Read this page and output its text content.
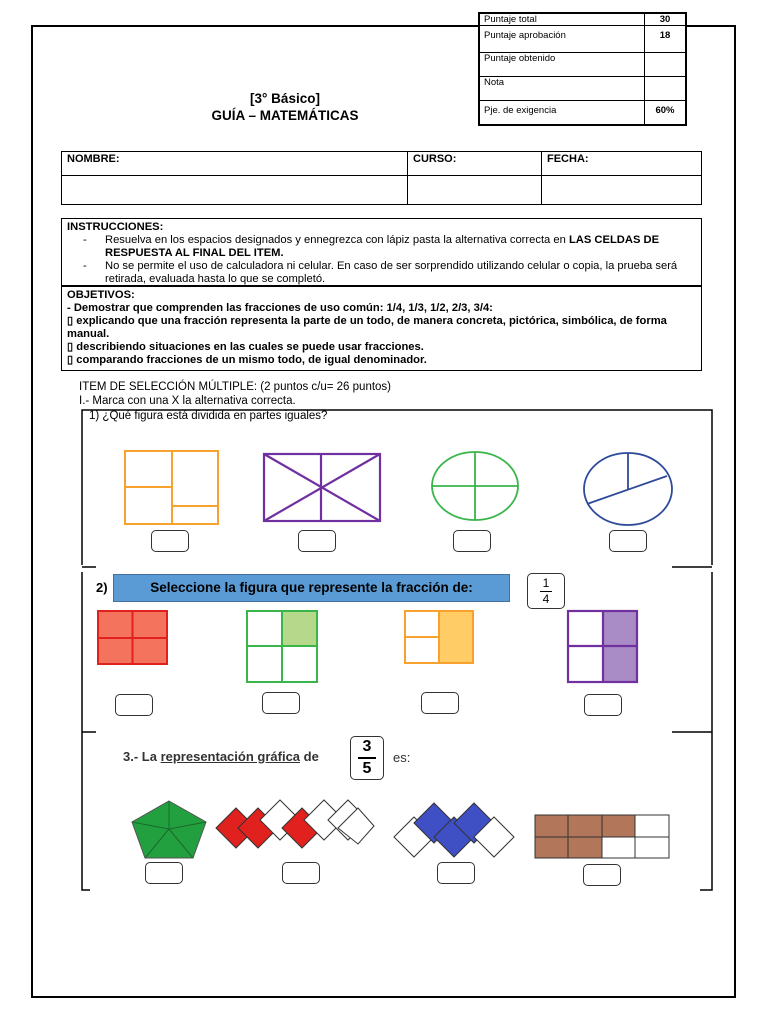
Puntaje total	30
Puntaje aprobación	18
Puntaje obtenido	
Nota	
Pje. de exigencia	60%
[3° Básico]
GUÍA – MATEMÁTICAS
NOMBRE:	CURSO:	FECHA:

INSTRUCCIONES:
- Resuelva en los espacios designados y ennegrezca con lápiz pasta la alternativa correcta en LAS CELDAS DE RESPUESTA AL FINAL DEL ITEM.
- No se permite el uso de calculadora ni celular. En caso de ser sorprendido utilizando celular o copia, la prueba será retirada, evaluada hasta lo que se completó.

OBJETIVOS:

- Demostrar que comprenden las fracciones de uso común: 1/4, 1/3, 1/2, 2/3, 3/4:

▯ explicando que una fracción representa la parte de un todo, de manera concreta, pictórica, simbólica, de forma manual.

▯ describiendo situaciones en las cuales se puede usar fracciones.

▯ comparando fracciones de un mismo todo, de igual denominador.

ITEM DE SELECCIÓN MÚLTIPLE: (2 puntos c/u= 26 puntos)
I.- Marca con una X la alternativa correcta.
1) ¿Qué figura está dividida en partes iguales?
2)	Seleccione la figura que represente la fracción de:	1
4
3.- La representación gráfica de
3
5
es:
